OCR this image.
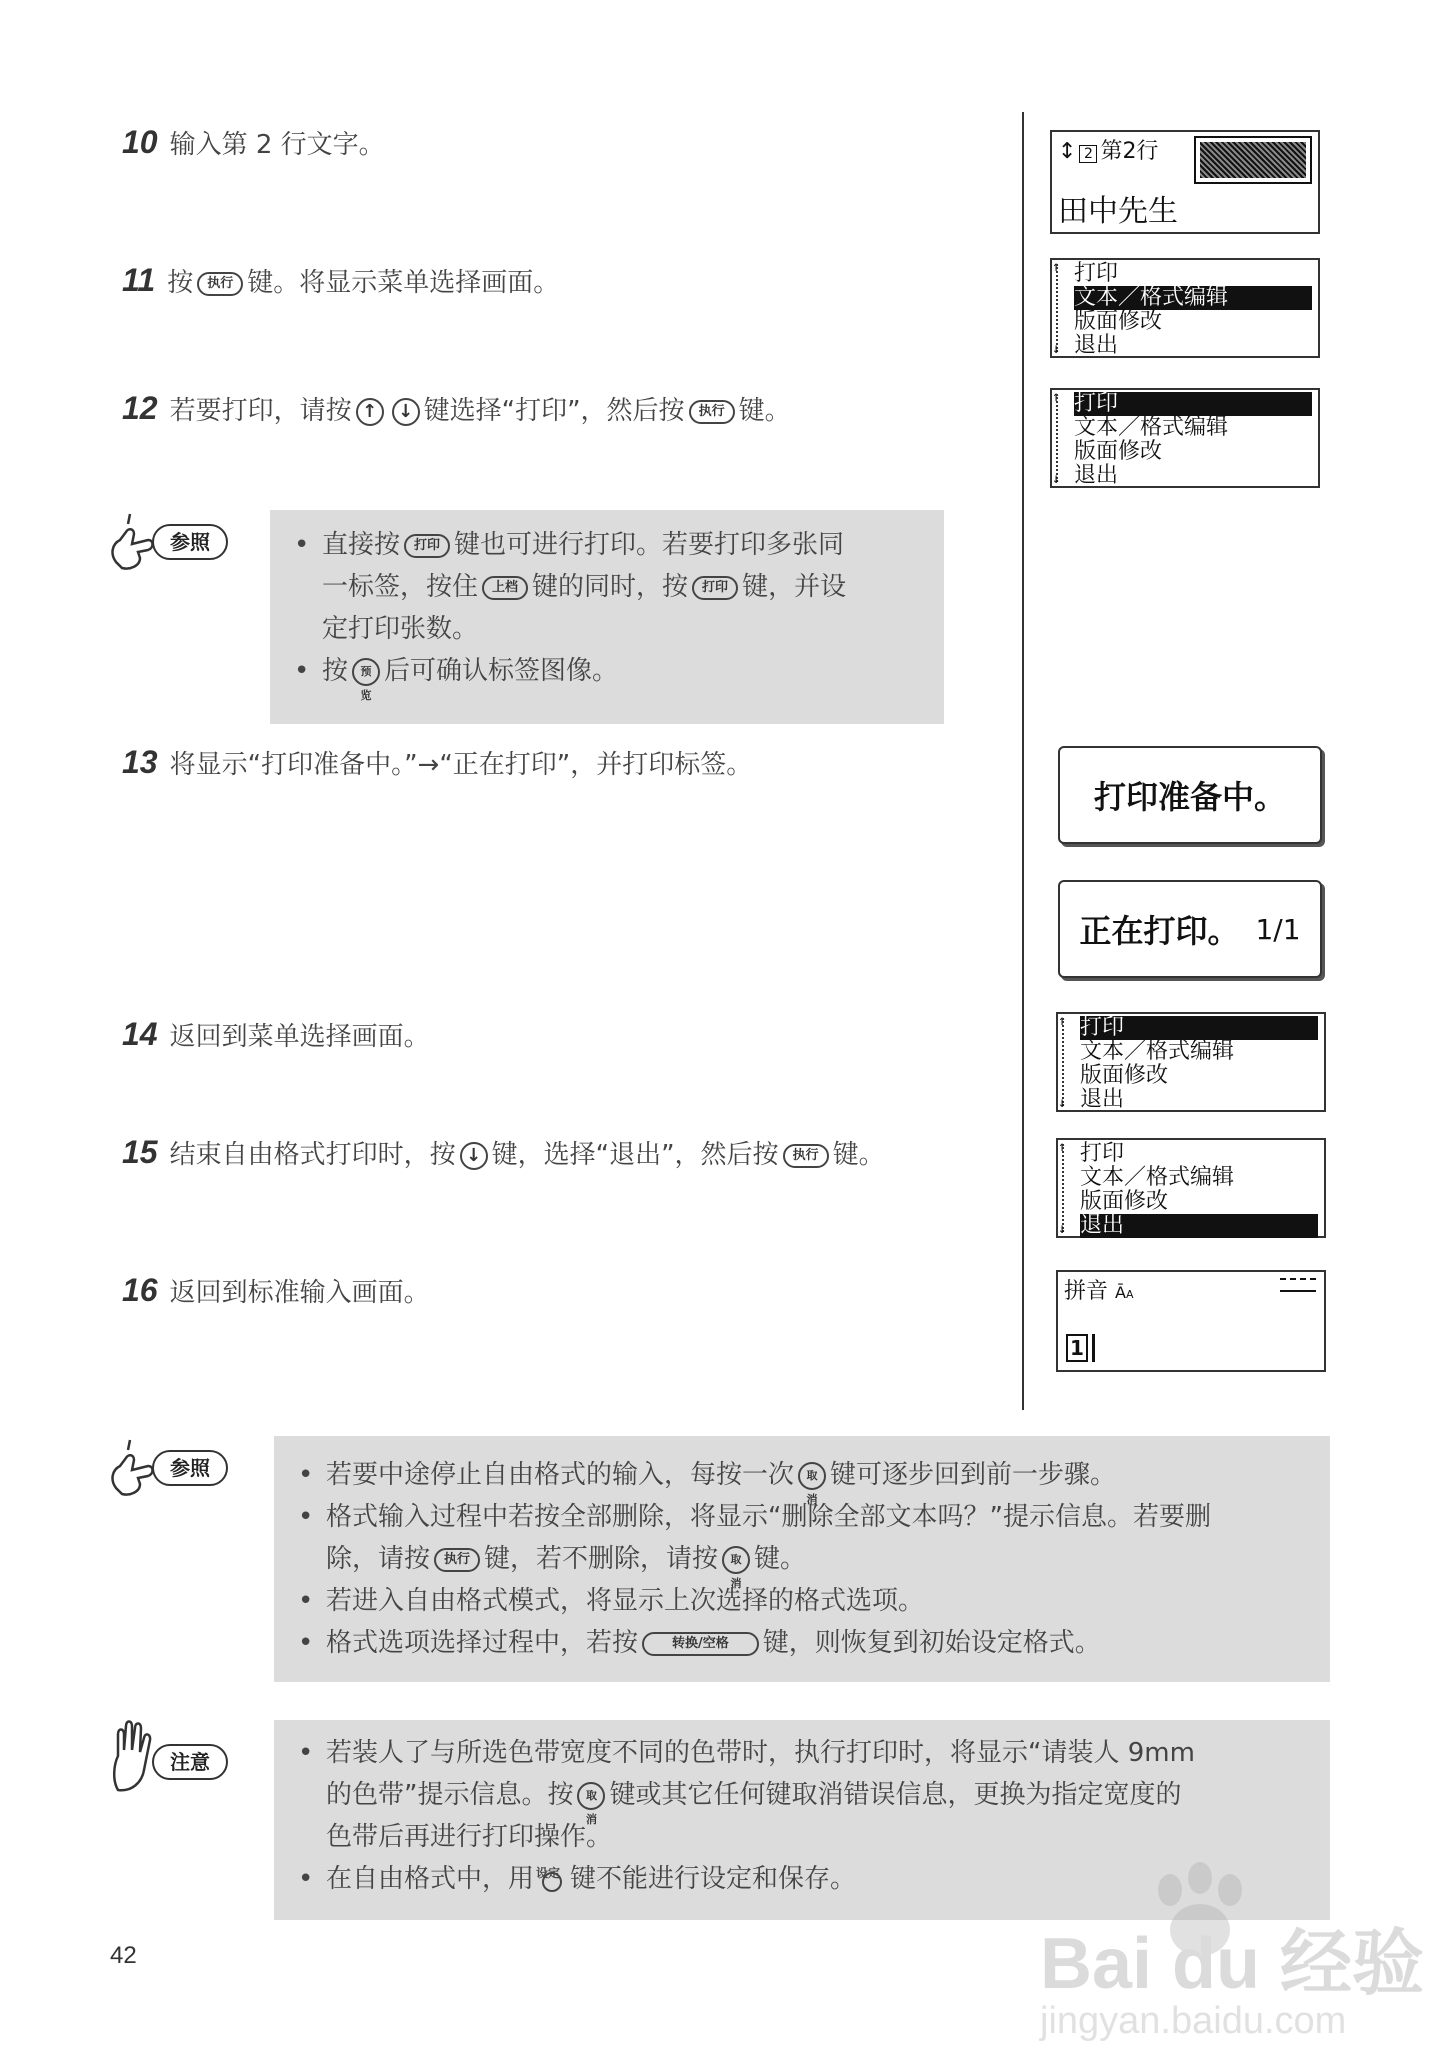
10 输入第 2 行文字。
11 按 执行 键。将显示菜单选择画面。
12 若要打印，请按 ↑ ↓ 键选择“打印”，然后按 执行 键。
参照	• 直接按 打印 键也可进行打印。若要打印多张同
一标签，按住 上档 键的同时，按 打印 键，并设
定打印张数。
• 按 预览后可确认标签图像。
13 将显示“打印准备中。”→“正在打印”，并打印标签。
14 返回到菜单选择画面。
15 结束自由格式打印时，按 ↓ 键，选择“退出”，然后按 执行 键。
16 返回到标准输入画面。
↕ 2 第2行
田中先生
↑
↓
打印
文本／格式编辑
版面修改
退出
↑
↓
打印
文本／格式编辑
版面修改
退出
打印准备中。
正在打印。 1/1
↑
↓
打印
文本／格式编辑
版面修改
退出
↑
↓
打印
文本／格式编辑
版面修改
退出
拼音 ĀA
1
参照	• 若要中途停止自由格式的输入，每按一次 取消键可逐步回到前一步骤。
• 格式输入过程中若按全部删除，将显示“删除全部文本吗？”提示信息。若要删
除，请按 执行 键，若不删除，请按 取消键。
• 若进入自由格式模式，将显示上次选择的格式选项。
• 格式选项选择过程中，若按	转换/空格 键，则恢复到初始设定格式。
注意	• 若装人了与所选色带宽度不同的色带时，执行打印时，将显示“请装人 9mm
的色带”提示信息。按 取消键或其它任何键取消错误信息，更换为指定宽度的
色带后再进行打印操作。
• 在自由格式中，用 设定 键不能进行设定和保存。
42	Bai du 经验
jingyan.baidu.com
